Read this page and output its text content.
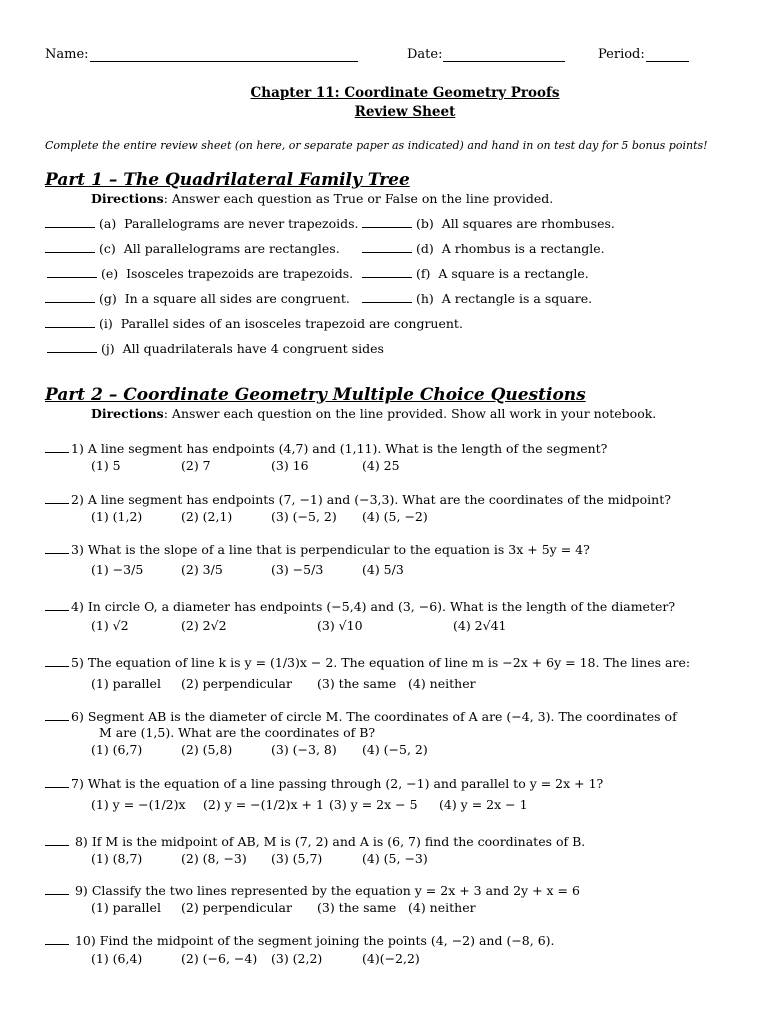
Name:	Date:	Period:
Chapter 11: Coordinate Geometry Proofs
Review Sheet
Complete the entire review sheet (on here, or separate paper as indicated) and hand in on test day for 5 bonus points!
Part 1 – The Quadrilateral Family Tree
Directions: Answer each question as True or False on the line provided.
(a) Parallelograms are never trapezoids.	(b) All squares are rhombuses.
(c) All parallelograms are rectangles.	(d) A rhombus is a rectangle.
(e) Isosceles trapezoids are trapezoids.	(f) A square is a rectangle.
(g) In a square all sides are congruent.	(h) A rectangle is a square.
(i) Parallel sides of an isosceles trapezoid are congruent.
(j) All quadrilaterals have 4 congruent sides
Part 2 – Coordinate Geometry Multiple Choice Questions
Directions: Answer each question on the line provided. Show all work in your notebook.
1) A line segment has endpoints (4,7) and (1,11). What is the length of the segment?
(1) 5	(2) 7	(3) 16	(4) 25
2) A line segment has endpoints (7, −1) and (−3,3). What are the coordinates of the midpoint?
(1) (1,2)	(2) (2,1)	(3) (−5, 2) (4) (5, −2)
3) What is the slope of a line that is perpendicular to the equation is 3x + 5y = 4?
(1) −3/5	(2) 3/5	(3) −5/3	(4) 5/3
4) In circle O, a diameter has endpoints (−5,4) and (3, −6). What is the length of the diameter?
(1) √2	(2) 2√2	(3) √10	(4) 2√41
5) The equation of line k is y = (1/3)x − 2. The equation of line m is −2x + 6y = 18. The lines are:
(1) parallel (2) perpendicular (3) the same (4) neither
6) Segment AB is the diameter of circle M. The coordinates of A are (−4, 3). The coordinates of
M are (1,5). What are the coordinates of B?
(1) (6,7)	(2) (5,8)	(3) (−3, 8) (4) (−5, 2)
7) What is the equation of a line passing through (2, −1) and parallel to y = 2x + 1?
(1) y = −(1/2)x (2) y = −(1/2)x + 1 (3) y = 2x − 5 (4) y = 2x − 1
8) If M is the midpoint of AB, M is (7, 2) and A is (6, 7) find the coordinates of B.
(1) (8,7)	(2) (8, −3) (3) (5,7)	(4) (5, −3)
9) Classify the two lines represented by the equation y = 2x + 3 and 2y + x = 6
(1) parallel (2) perpendicular (3) the same (4) neither
10) Find the midpoint of the segment joining the points (4, −2) and (−8, 6).
(1) (6,4)	(2) (−6, −4) (3) (2,2)	(4)(−2,2)
